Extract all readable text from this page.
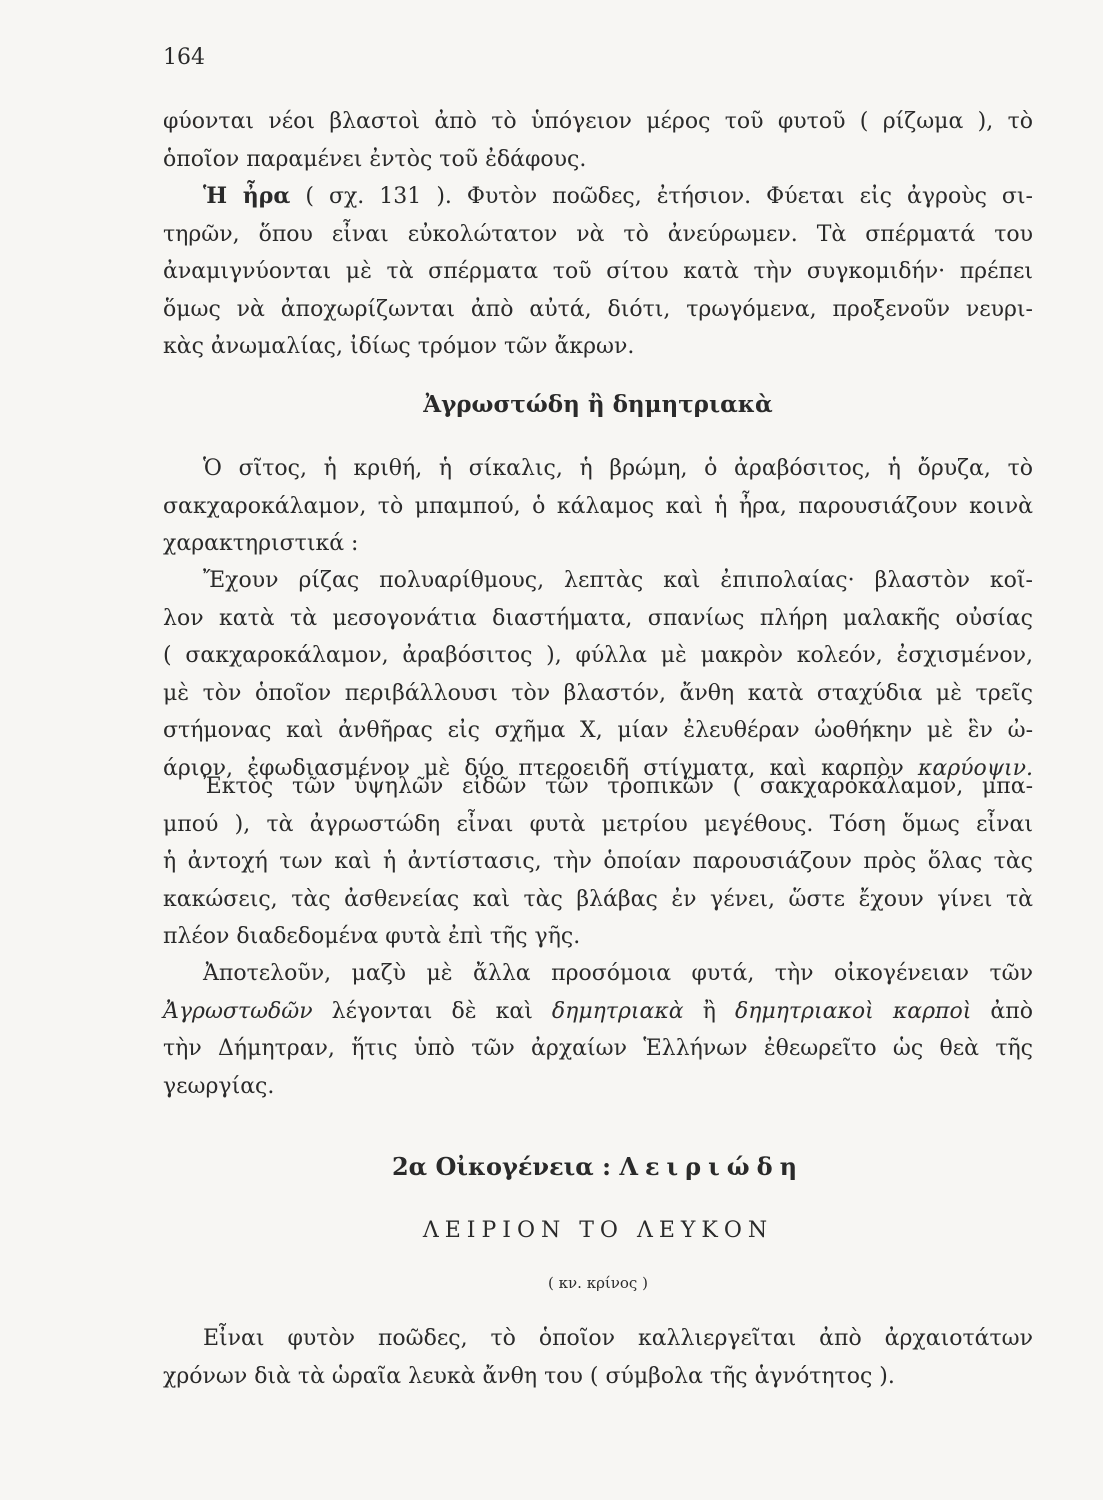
164
φύονται νέοι βλαστοὶ ἀπὸ τὸ ὑπόγειον μέρος τοῦ φυτοῦ ( ρίζωμα ), τὸ
ὁποῖον παραμένει ἐντὸς τοῦ ἐδάφους.
Ἡ ἦρα ( σχ. 131 ). Φυτὸν ποῶδες, ἐτήσιον. Φύεται εἰς ἀγροὺς σι-
τηρῶν, ὅπου εἶναι εὐκολώτατον νὰ τὸ ἀνεύρωμεν. Τὰ σπέρματά του
ἀναμιγνύονται μὲ τὰ σπέρματα τοῦ σίτου κατὰ τὴν συγκομιδήν· πρέπει
ὅμως νὰ ἀποχωρίζωνται ἀπὸ αὐτά, διότι, τρωγόμενα, προξενοῦν νευρι-
κὰς ἀνωμαλίας, ἰδίως τρόμον τῶν ἄκρων.
Ἀγρωστώδη ἢ δημητριακὰ
Ὁ σῖτος, ἡ κριθή, ἡ σίκαλις, ἡ βρώμη, ὁ ἀραβόσιτος, ἡ ὄρυζα, τὸ
σακχαροκάλαμον, τὸ μπαμπού, ὁ κάλαμος καὶ ἡ ἦρα, παρουσιάζουν κοινὰ
χαρακτηριστικά :
Ἔχουν ρίζας πολυαρίθμους, λεπτὰς καὶ ἐπιπολαίας· βλαστὸν κοῖ-
λον κατὰ τὰ μεσογονάτια διαστήματα, σπανίως πλήρη μαλακῆς οὐσίας
( σακχαροκάλαμον, ἀραβόσιτος ), φύλλα μὲ μακρὸν κολεόν, ἐσχισμένον,
μὲ τὸν ὁποῖον περιβάλλουσι τὸν βλαστόν, ἄνθη κατὰ σταχύδια μὲ τρεῖς
στήμονας καὶ ἀνθῆρας εἰς σχῆμα X, μίαν ἐλευθέραν ὠοθήκην μὲ ἓν ὠ-
άριον, ἐφωδιασμένον μὲ δύο πτεροειδῆ στίγματα, καὶ καρπὸν καρύοψιν.
Ἐκτὸς τῶν ὑψηλῶν εἰδῶν τῶν τροπικῶν ( σακχαροκάλαμον, μπα-
μπού ), τὰ ἀγρωστώδη εἶναι φυτὰ μετρίου μεγέθους. Τόση ὅμως εἶναι
ἡ ἀντοχή των καὶ ἡ ἀντίστασις, τὴν ὁποίαν παρουσιάζουν πρὸς ὅλας τὰς
κακώσεις, τὰς ἀσθενείας καὶ τὰς βλάβας ἐν γένει, ὥστε ἔχουν γίνει τὰ
πλέον διαδεδομένα φυτὰ ἐπὶ τῆς γῆς.
Ἀποτελοῦν, μαζὺ μὲ ἄλλα προσόμοια φυτά, τὴν οἰκογένειαν τῶν
Ἀγρωστωδῶν λέγονται δὲ καὶ δημητριακὰ ἢ δημητριακοὶ καρποὶ ἀπὸ
τὴν Δήμητραν, ἥτις ὑπὸ τῶν ἀρχαίων Ἑλλήνων ἐθεωρεῖτο ὡς θεὰ τῆς
γεωργίας.
2α Οἰκογένεια : Λειριώδη
ΛΕΙΡΙΟΝ ΤΟ ΛΕΥΚΟΝ
( κν. κρίνος )
Εἶναι φυτὸν ποῶδες, τὸ ὁποῖον καλλιεργεῖται ἀπὸ ἀρχαιοτάτων
χρόνων διὰ τὰ ὡραῖα λευκὰ ἄνθη του ( σύμβολα τῆς ἁγνότητος ).
